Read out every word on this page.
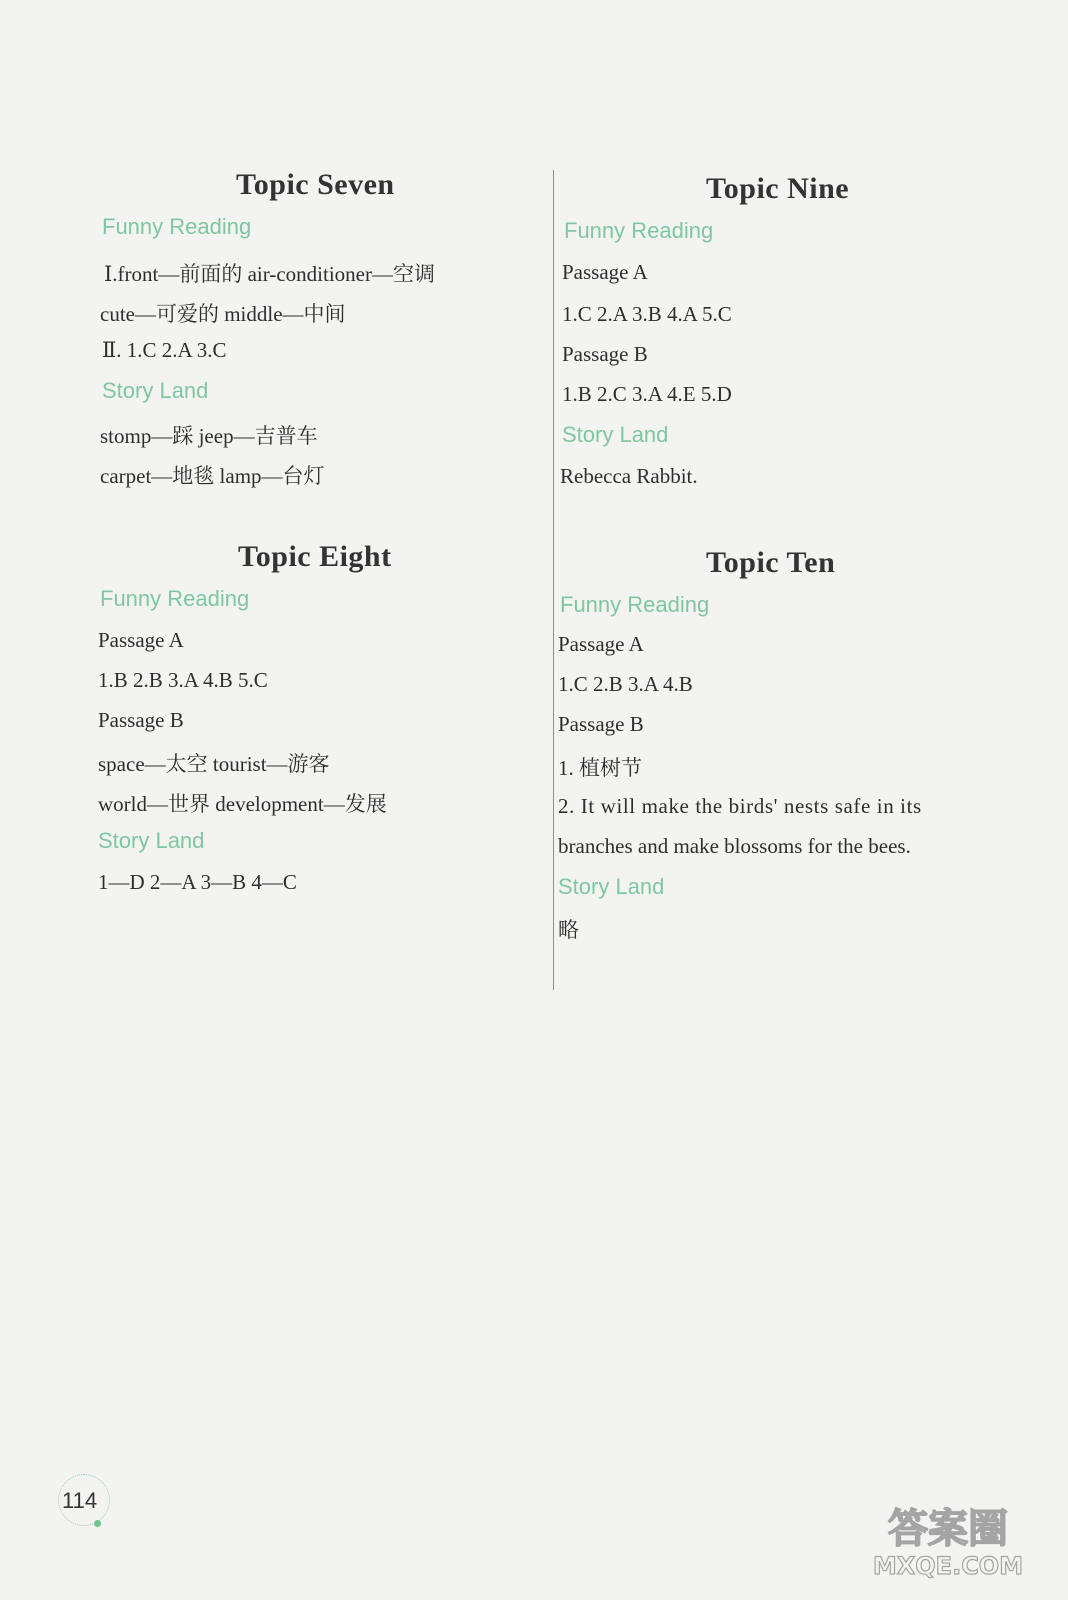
Topic Seven
Funny Reading
Ⅰ.front—前面的 air-conditioner—空调
cute—可爱的 middle—中间
Ⅱ. 1.C 2.A 3.C
Story Land
stomp—踩 jeep—吉普车
carpet—地毯 lamp—台灯
Topic Eight
Funny Reading
Passage A
1.B 2.B 3.A 4.B 5.C
Passage B
space—太空 tourist—游客
world—世界 development—发展
Story Land
1—D 2—A 3—B 4—C
Topic Nine
Funny Reading
Passage A
1.C 2.A 3.B 4.A 5.C
Passage B
1.B 2.C 3.A 4.E 5.D
Story Land
Rebecca Rabbit.
Topic Ten
Funny Reading
Passage A
1.C 2.B 3.A 4.B
Passage B
1. 植树节
2. It will make the birds' nests safe in its
branches and make blossoms for the bees.
Story Land
略
114
答案圈
MXQE.COM
